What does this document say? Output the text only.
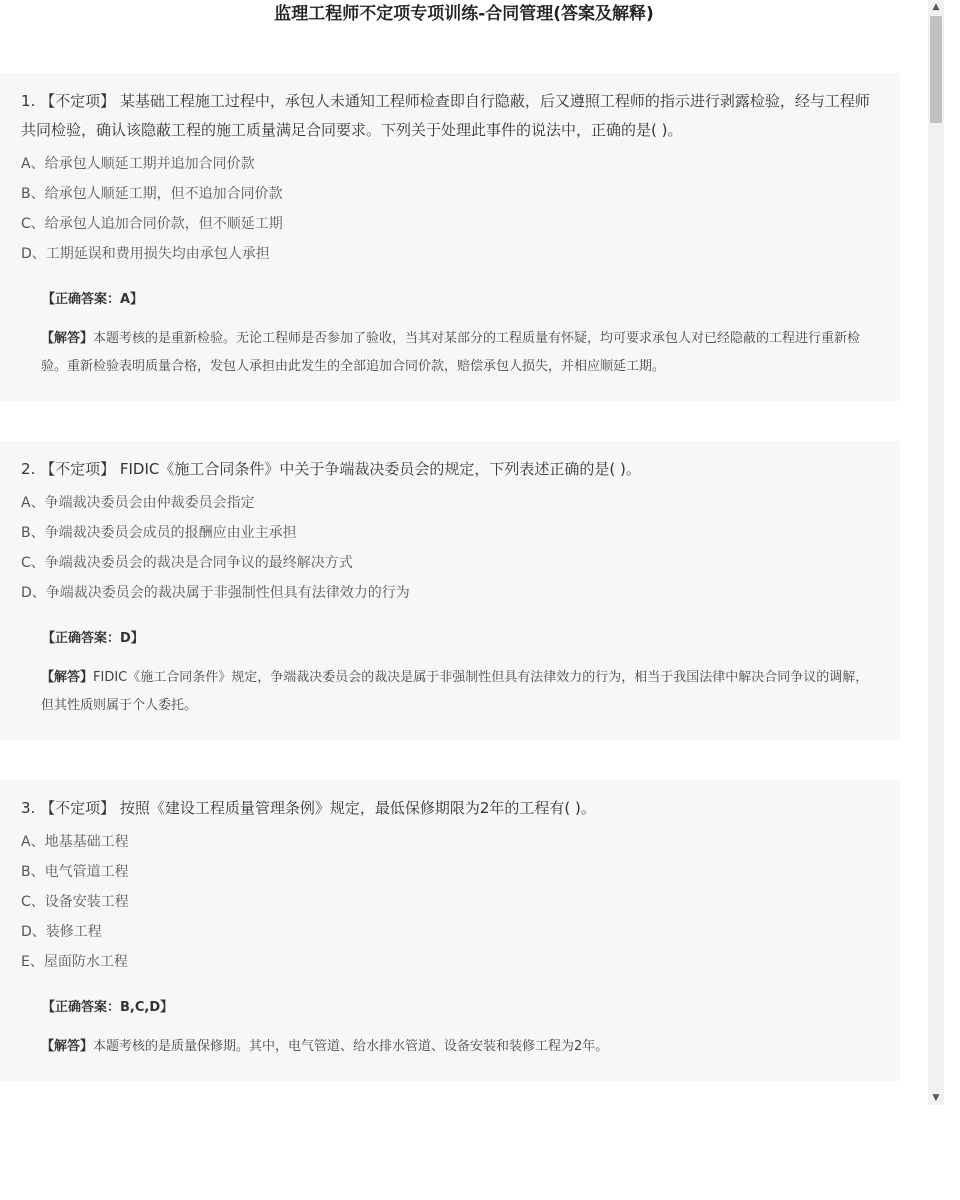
监理工程师不定项专项训练-合同管理(答案及解释)

1. 【不定项】 某基础工程施工过程中，承包人未通知工程师检查即自行隐蔽，后又遵照工程师的指示进行剥露检验，经与工程师共同检验，确认该隐蔽工程的施工质量满足合同要求。下列关于处理此事件的说法中，正确的是( )。

A、给承包人顺延工期并追加合同价款
B、给承包人顺延工期，但不追加合同价款
C、给承包人追加合同价款，但不顺延工期
D、工期延误和费用损失均由承包人承担
【正确答案：A】
【解答】本题考核的是重新检验。无论工程师是否参加了验收，当其对某部分的工程质量有怀疑，均可要求承包人对已经隐蔽的工程进行重新检验。重新检验表明质量合格，发包人承担由此发生的全部追加合同价款，赔偿承包人损失，并相应顺延工期。

2. 【不定项】 FIDIC《施工合同条件》中关于争端裁决委员会的规定，下列表述正确的是( )。

A、争端裁决委员会由仲裁委员会指定
B、争端裁决委员会成员的报酬应由业主承担
C、争端裁决委员会的裁决是合同争议的最终解决方式
D、争端裁决委员会的裁决属于非强制性但具有法律效力的行为
【正确答案：D】
【解答】FIDIC《施工合同条件》规定，争端裁决委员会的裁决是属于非强制性但具有法律效力的行为，相当于我国法律中解决合同争议的调解，但其性质则属于个人委托。

3. 【不定项】 按照《建设工程质量管理条例》规定，最低保修期限为2年的工程有( )。

A、地基基础工程
B、电气管道工程
C、设备安装工程
D、装修工程
E、屋面防水工程
【正确答案：B,C,D】
【解答】本题考核的是质量保修期。其中，电气管道、给水排水管道、设备安装和装修工程为2年。
▲
▼
